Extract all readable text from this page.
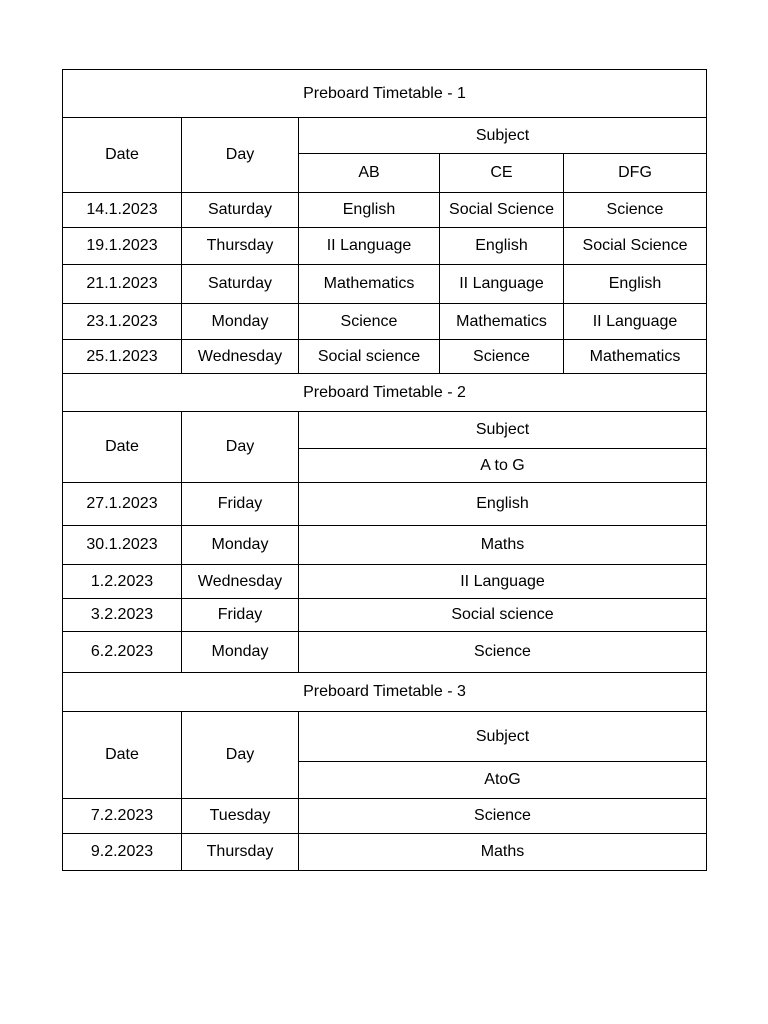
Preboard Timetable - 1				
Date	Day	Subject		
		AB	CE	DFG
14.1.2023	Saturday	English	Social Science	Science
19.1.2023	Thursday	II Language	English	Social Science
21.1.2023	Saturday	Mathematics	II Language	English
23.1.2023	Monday	Science	Mathematics	II Language
25.1.2023	Wednesday	Social science	Science	Mathematics
Preboard Timetable - 2				
Date	Day	Subject		
		A to G		
27.1.2023	Friday	English		
30.1.2023	Monday	Maths		
1.2.2023	Wednesday	II Language		
3.2.2023	Friday	Social science		
6.2.2023	Monday	Science		
Preboard Timetable - 3				
Date	Day	Subject		
		AtoG		
7.2.2023	Tuesday	Science		
9.2.2023	Thursday	Maths		
